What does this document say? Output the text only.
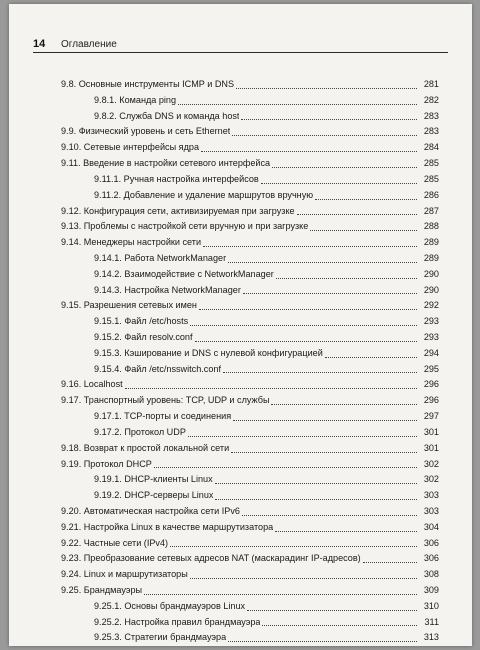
14 Оглавление
9.8. Основные инструменты ICMP и DNS	281
9.8.1. Команда ping	282
9.8.2. Служба DNS и команда host	283
9.9. Физический уровень и сеть Ethernet	283
9.10. Сетевые интерфейсы ядра	284
9.11. Введение в настройки сетевого интерфейса	285
9.11.1. Ручная настройка интерфейсов	285
9.11.2. Добавление и удаление маршрутов вручную	286
9.12. Конфигурация сети, активизируемая при загрузке	287
9.13. Проблемы с настройкой сети вручную и при загрузке	288
9.14. Менеджеры настройки сети	289
9.14.1. Работа NetworkManager	289
9.14.2. Взаимодействие с NetworkManager	290
9.14.3. Настройка NetworkManager	290
9.15. Разрешения сетевых имен	292
9.15.1. Файл /etc/hosts	293
9.15.2. Файл resolv.conf	293
9.15.3. Кэширование и DNS с нулевой конфигурацией	294
9.15.4. Файл /etc/nsswitch.conf	295
9.16. Localhost	296
9.17. Транспортный уровень: TCP, UDP и службы	296
9.17.1. TCP-порты и соединения	297
9.17.2. Протокол UDP	301
9.18. Возврат к простой локальной сети	301
9.19. Протокол DHCP	302
9.19.1. DHCP-клиенты Linux	302
9.19.2. DHCP-серверы Linux	303
9.20. Автоматическая настройка сети IPv6	303
9.21. Настройка Linux в качестве маршрутизатора	304
9.22. Частные сети (IPv4)	306
9.23. Преобразование сетевых адресов NAT (маскарадинг IP-адресов)	306
9.24. Linux и маршрутизаторы	308
9.25. Брандмауэры	309
9.25.1. Основы брандмауэров Linux	310
9.25.2. Настройка правил брандмауэра	311
9.25.3. Стратегии брандмауэра	313
